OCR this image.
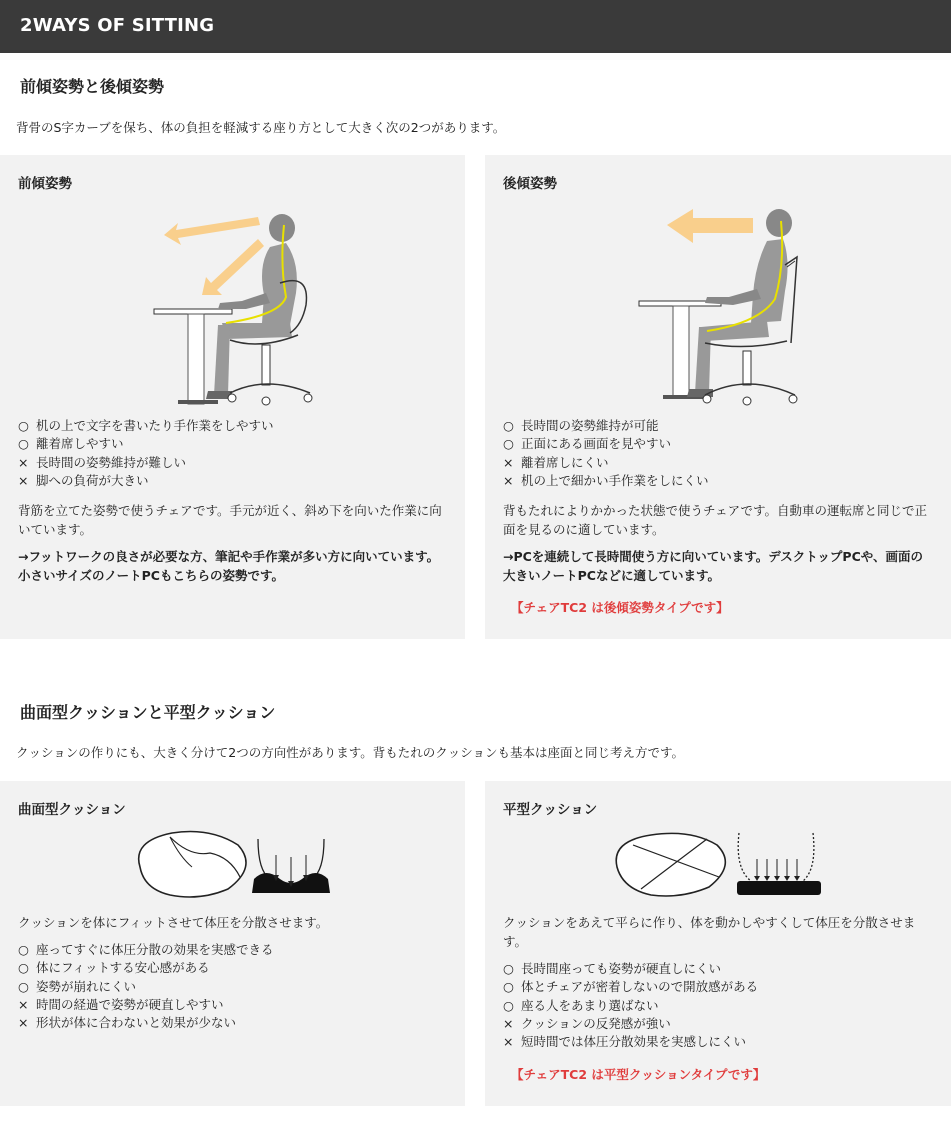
2WAYS OF SITTING
前傾姿勢と後傾姿勢
背骨のS字カーブを保ち、体の負担を軽減する座り方として大きく次の2つがあります。
前傾姿勢
○ 机の上で文字を書いたり手作業をしやすい
○ 離着席しやすい
× 長時間の姿勢維持が難しい
× 脚への負荷が大きい
背筋を立てた姿勢で使うチェアです。手元が近く、斜め下を向いた作業に向いています。
→フットワークの良さが必要な方、筆記や手作業が多い方に向いています。小さいサイズのノートPCもこちらの姿勢です。
後傾姿勢
○ 長時間の姿勢維持が可能
○ 正面にある画面を見やすい
× 離着席しにくい
× 机の上で細かい手作業をしにくい
背もたれによりかかった状態で使うチェアです。自動車の運転席と同じで正面を見るのに適しています。
→PCを連続して長時間使う方に向いています。デスクトップPCや、画面の大きいノートPCなどに適しています。
【チェアTC2 は後傾姿勢タイプです】
曲面型クッションと平型クッション
クッションの作りにも、大きく分けて2つの方向性があります。背もたれのクッションも基本は座面と同じ考え方です。
曲面型クッション
クッションを体にフィットさせて体圧を分散させます。
○ 座ってすぐに体圧分散の効果を実感できる
○ 体にフィットする安心感がある
○ 姿勢が崩れにくい
× 時間の経過で姿勢が硬直しやすい
× 形状が体に合わないと効果が少ない
平型クッション
クッションをあえて平らに作り、体を動かしやすくして体圧を分散させます。
○ 長時間座っても姿勢が硬直しにくい
○ 体とチェアが密着しないので開放感がある
○ 座る人をあまり選ばない
× クッションの反発感が強い
× 短時間では体圧分散効果を実感しにくい
【チェアTC2 は平型クッションタイプです】
